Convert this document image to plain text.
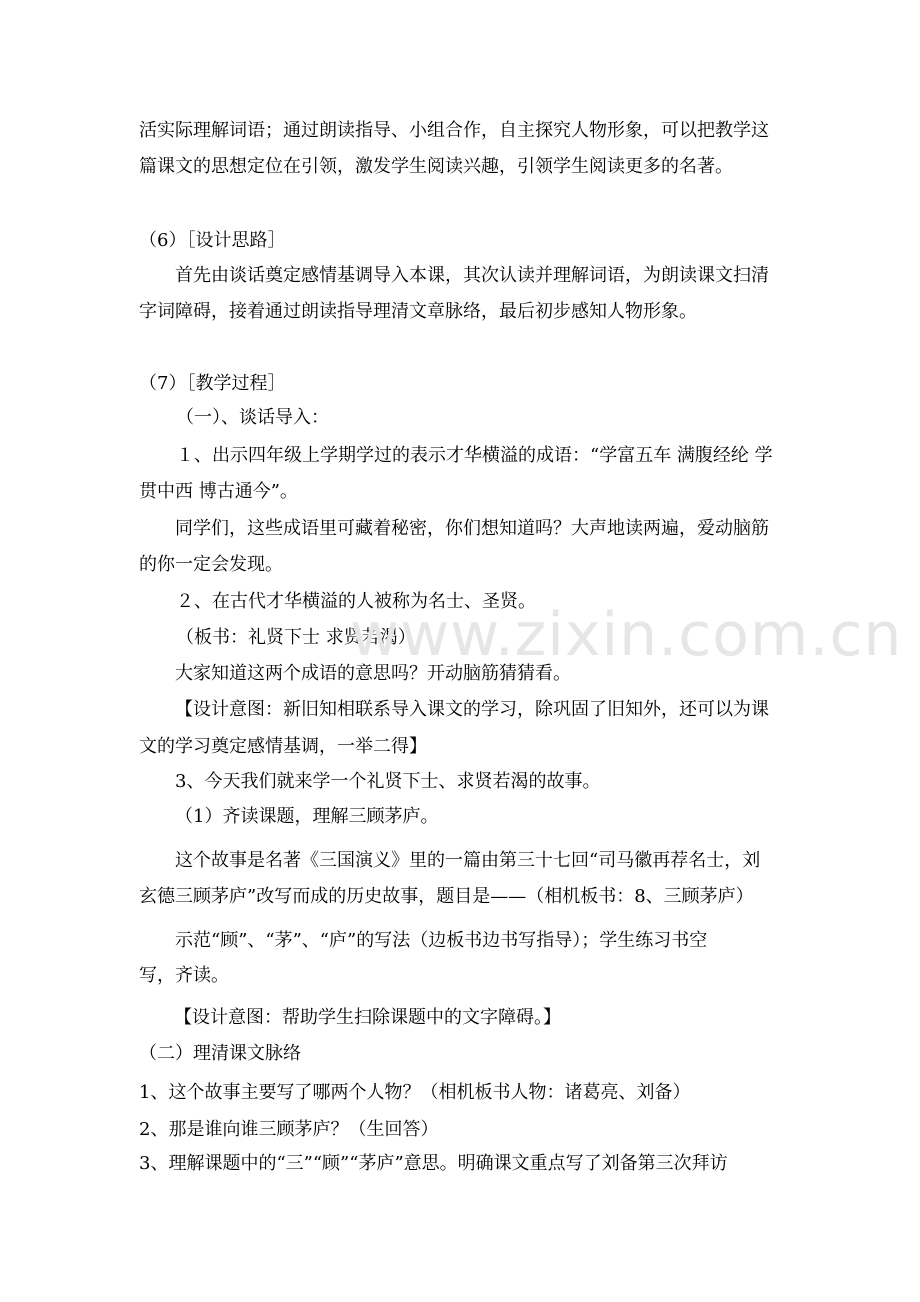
活实际理解词语；通过朗读指导、小组合作，自主探究人物形象，可以把教学这
篇课文的思想定位在引领，激发学生阅读兴趣，引领学生阅读更多的名著。
（6）［设计思路］
首先由谈话奠定感情基调导入本课，其次认读并理解词语，为朗读课文扫清
字词障碍，接着通过朗读指导理清文章脉络，最后初步感知人物形象。
（7）［教学过程］
（一）、谈话导入：
１、出示四年级上学期学过的表示才华横溢的成语：“学富五车 满腹经纶 学
贯中西 博古通今”。
同学们，这些成语里可藏着秘密，你们想知道吗？大声地读两遍，爱动脑筋
的你一定会发现。
２、在古代才华横溢的人被称为名士、圣贤。
（板书：礼贤下士 求贤若渴）
大家知道这两个成语的意思吗？开动脑筋猜猜看。
【设计意图：新旧知相联系导入课文的学习，除巩固了旧知外，还可以为课
文的学习奠定感情基调，一举二得】
3、今天我们就来学一个礼贤下士、求贤若渴的故事。
（1）齐读课题，理解三顾茅庐。
这个故事是名著《三国演义》里的一篇由第三十七回“司马徽再荐名士，刘
玄德三顾茅庐”改写而成的历史故事，题目是——（相机板书：8、三顾茅庐）
示范“顾”、“茅”、“庐”的写法（边板书边书写指导）；学生练习书空
写，齐读。
【设计意图：帮助学生扫除课题中的文字障碍。】
（二）理清课文脉络
1、这个故事主要写了哪两个人物？（相机板书人物：诸葛亮、刘备）
2、那是谁向谁三顾茅庐？（生回答）
3、理解课题中的“三”“顾”“茅庐”意思。明确课文重点写了刘备第三次拜访
www.zixin.com.cn
